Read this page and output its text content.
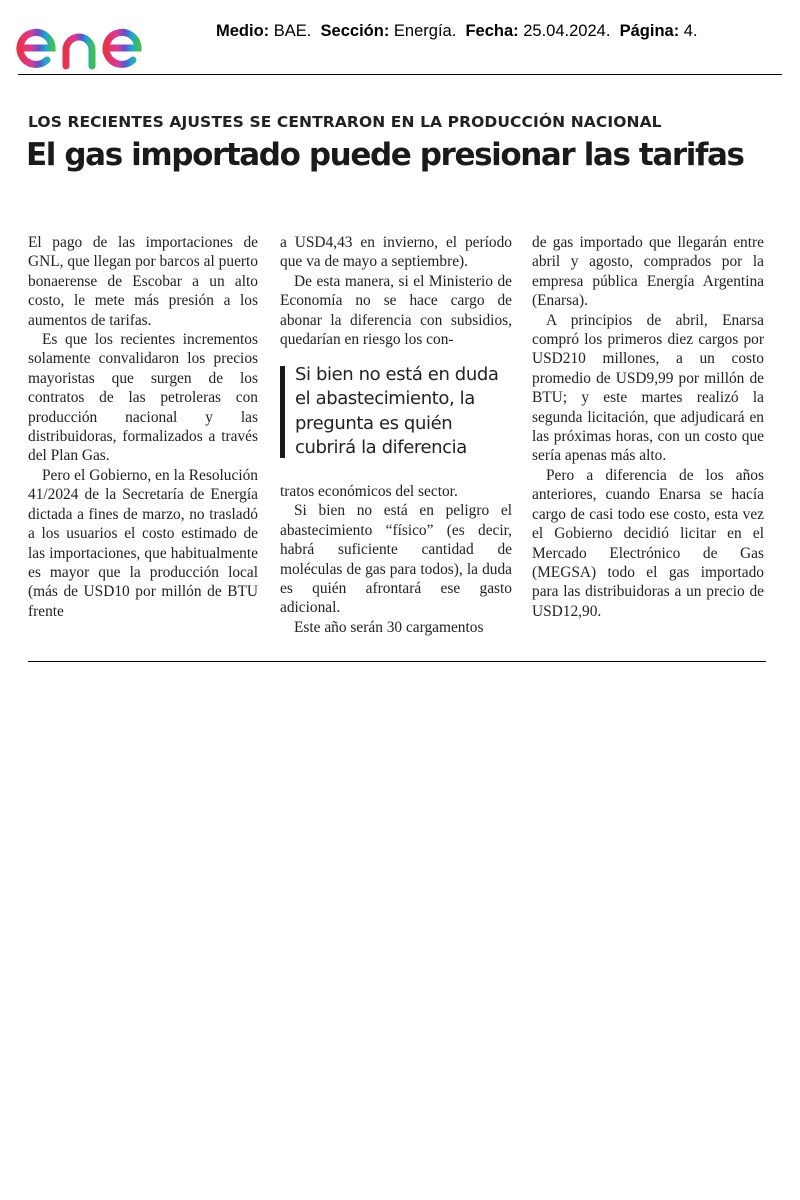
Medio: BAE. Sección: Energía. Fecha: 25.04.2024. Página: 4.
LOS RECIENTES AJUSTES SE CENTRARON EN LA PRODUCCIÓN NACIONAL
El gas importado puede presionar las tarifas

El pago de las importaciones de GNL, que llegan por barcos al puerto bonaerense de Escobar a un alto costo, le mete más presión a los aumentos de tarifas.

Es que los recientes incrementos solamente convalidaron los precios mayoristas que surgen de los contratos de las petroleras con producción nacional y las distribuidoras, formalizados a través del Plan Gas.

Pero el Gobierno, en la Resolución 41/2024 de la Secretaría de Energía dictada a fines de marzo, no trasladó a los usuarios el costo estimado de las importaciones, que habitualmente es mayor que la producción local (más de USD10 por millón de BTU frente

a USD4,43 en invierno, el período que va de mayo a septiembre).

De esta manera, si el Ministerio de Economía no se hace cargo de abonar la diferencia con subsidios, quedarían en riesgo los con-

Si bien no está en duda el abastecimiento, la pregunta es quién cubrirá la diferencia

tratos económicos del sector.

Si bien no está en peligro el abastecimiento “físico” (es decir, habrá suficiente cantidad de moléculas de gas para todos), la duda es quién afrontará ese gasto adicional.

Este año serán 30 cargamentos

de gas importado que llegarán entre abril y agosto, comprados por la empresa pública Energía Argentina (Enarsa).

A principios de abril, Enarsa compró los primeros diez cargos por USD210 millones, a un costo promedio de USD9,99 por millón de BTU; y este martes realizó la segunda licitación, que adjudicará en las próximas horas, con un costo que sería apenas más alto.

Pero a diferencia de los años anteriores, cuando Enarsa se hacía cargo de casi todo ese costo, esta vez el Gobierno decidió licitar en el Mercado Electrónico de Gas (MEGSA) todo el gas importado para las distribuidoras a un precio de USD12,90.
